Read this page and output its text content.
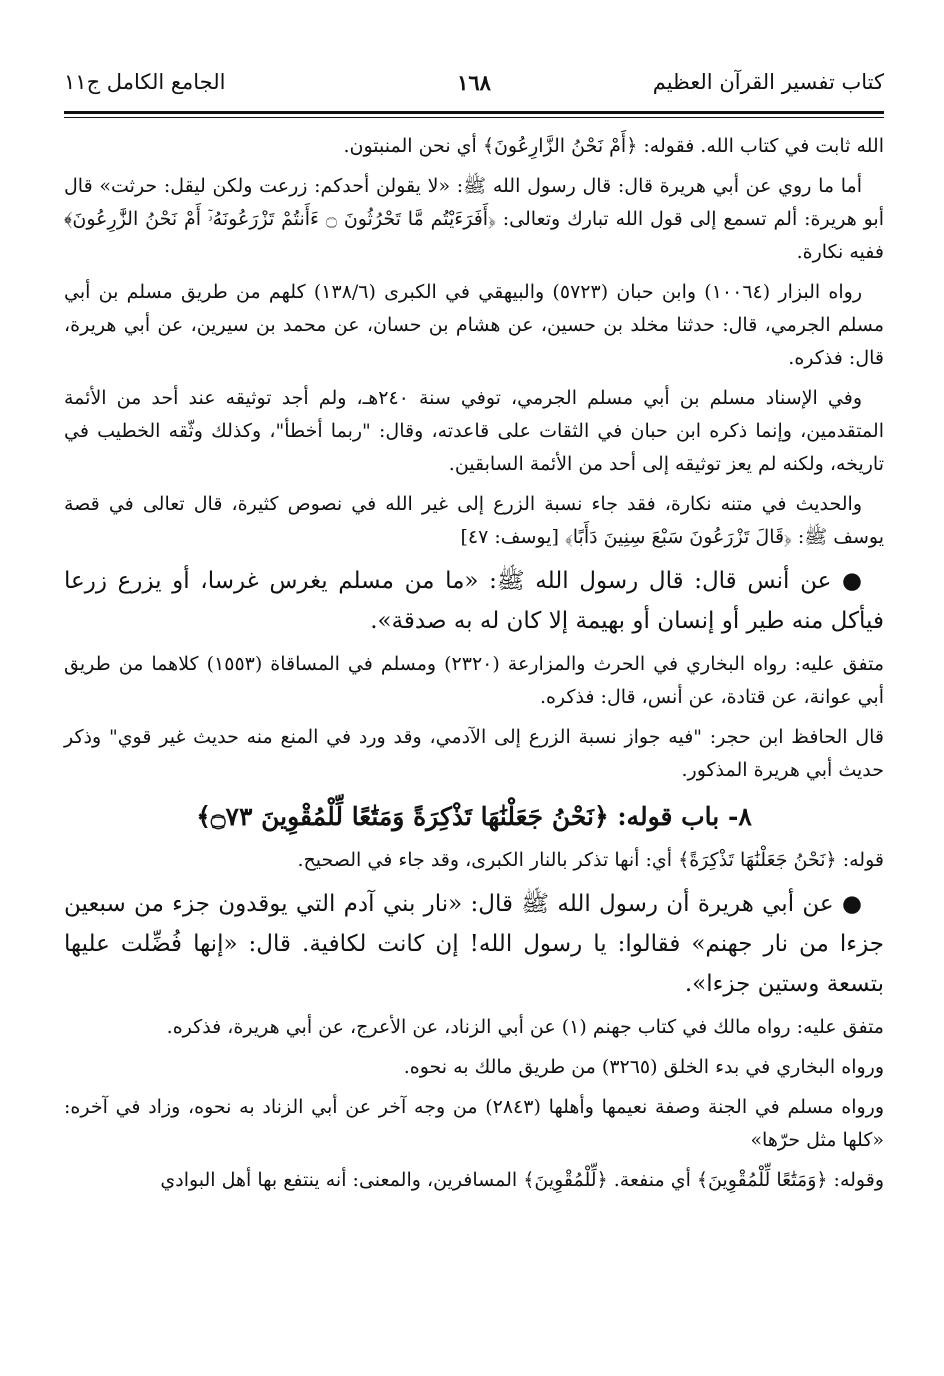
كتاب تفسير القرآن العظيم
١٦٨
الجامع الكامل ج١١

الله ثابت في كتاب الله. فقوله: ﴿أَمْ نَحْنُ الزَّارِعُونَ﴾ أي نحن المنبتون.

أما ما روي عن أبي هريرة قال: قال رسول الله ﷺ: «لا يقولن أحدكم: زرعت ولكن ليقل: حرثت» قال أبو هريرة: ألم تسمع إلى قول الله تبارك وتعالى: ﴿أَفَرَءَيْتُم مَّا تَحْرُثُونَ ۝ ءَأَنتُمْ تَزْرَعُونَهُۥٓ أَمْ نَحْنُ الزَّٰرِعُونَ﴾ ففيه نكارة.

رواه البزار (١٠٠٦٤) وابن حبان (٥٧٢٣) والبيهقي في الكبرى (١٣٨/٦) كلهم من طريق مسلم بن أبي مسلم الجرمي، قال: حدثنا مخلد بن حسين، عن هشام بن حسان، عن محمد بن سيرين، عن أبي هريرة، قال: فذكره.

وفي الإسناد مسلم بن أبي مسلم الجرمي، توفي سنة ٢٤٠هـ، ولم أجد توثيقه عند أحد من الأئمة المتقدمين، وإنما ذكره ابن حبان في الثقات على قاعدته، وقال: "ربما أخطأ"، وكذلك وثّقه الخطيب في تاريخه، ولكنه لم يعز توثيقه إلى أحد من الأئمة السابقين.

والحديث في متنه نكارة، فقد جاء نسبة الزرع إلى غير الله في نصوص كثيرة، قال تعالى في قصة يوسف ﷺ: ﴿قَالَ تَزْرَعُونَ سَبْعَ سِنِينَ دَأَبًا﴾ [يوسف: ٤٧]

● عن أنس قال: قال رسول الله ﷺ: «ما من مسلم يغرس غرسا، أو يزرع زرعا فيأكل منه طير أو إنسان أو بهيمة إلا كان له به صدقة».

متفق عليه: رواه البخاري في الحرث والمزارعة (٢٣٢٠) ومسلم في المساقاة (١٥٥٣) كلاهما من طريق أبي عوانة، عن قتادة، عن أنس، قال: فذكره.

قال الحافظ ابن حجر: "فيه جواز نسبة الزرع إلى الآدمي، وقد ورد في المنع منه حديث غير قوي" وذكر حديث أبي هريرة المذكور.

٨- باب قوله: ﴿نَحْنُ جَعَلْنَٰهَا تَذْكِرَةً وَمَتَٰعًا لِّلْمُقْوِينَ ۝٧٣﴾

قوله: ﴿نَحْنُ جَعَلْنَٰهَا تَذْكِرَةً﴾ أي: أنها تذكر بالنار الكبرى، وقد جاء في الصحيح.

● عن أبي هريرة أن رسول الله ﷺ قال: «نار بني آدم التي يوقدون جزء من سبعين جزءا من نار جهنم» فقالوا: يا رسول الله! إن كانت لكافية. قال: «إنها فُضِّلت عليها بتسعة وستين جزءا».

متفق عليه: رواه مالك في كتاب جهنم (١) عن أبي الزناد، عن الأعرج، عن أبي هريرة، فذكره.

ورواه البخاري في بدء الخلق (٣٢٦٥) من طريق مالك به نحوه.

ورواه مسلم في الجنة وصفة نعيمها وأهلها (٢٨٤٣) من وجه آخر عن أبي الزناد به نحوه، وزاد في آخره: «كلها مثل حرّها»

وقوله: ﴿وَمَتَٰعًا لِّلْمُقْوِينَ﴾ أي منفعة. ﴿لِّلْمُقْوِينَ﴾ المسافرين، والمعنى: أنه ينتفع بها أهل البوادي
